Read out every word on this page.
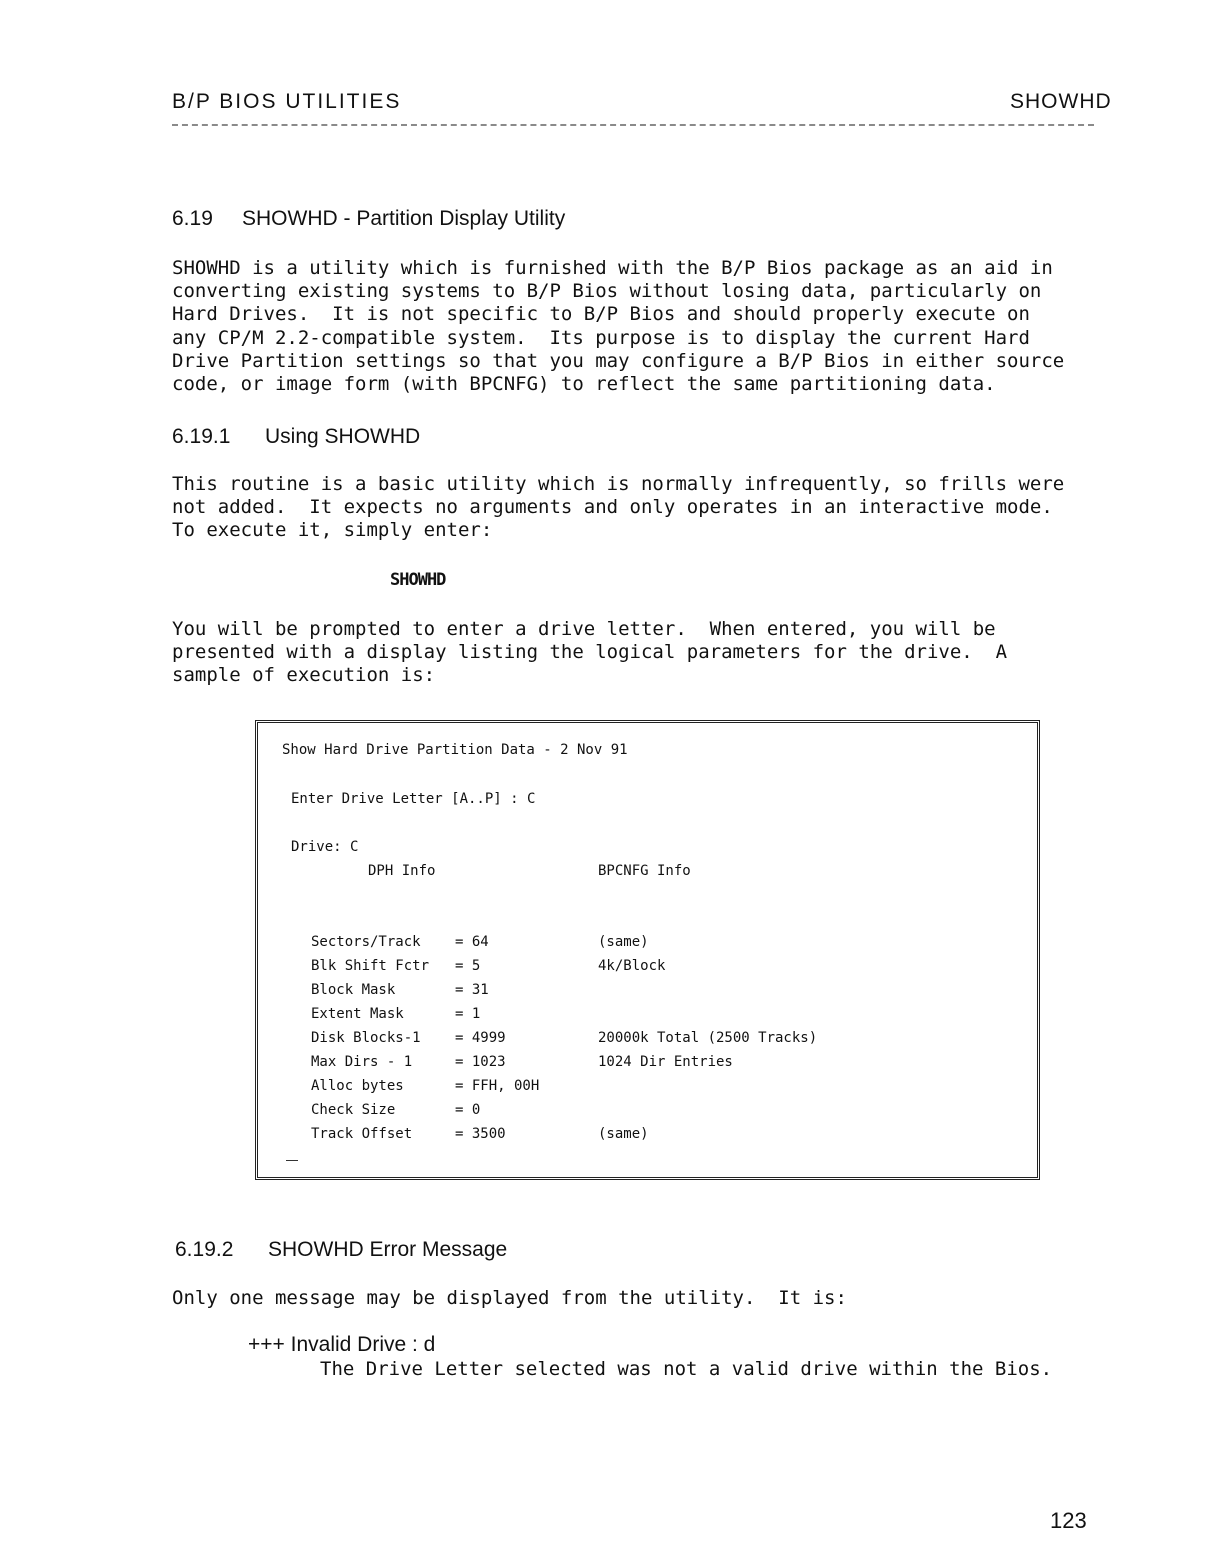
B/P BIOS UTILITIES	SHOWHD
6.19 SHOWHD - Partition Display Utility

SHOWHD is a utility which is furnished with the B/P Bios package as an aid in

converting existing systems to B/P Bios without losing data, particularly on

Hard Drives.  It is not specific to B/P Bios and should properly execute on

any CP/M 2.2-compatible system.  Its purpose is to display the current Hard

Drive Partition settings so that you may configure a B/P Bios in either source

code, or image form (with BPCNFG) to reflect the same partitioning data.

6.19.1 Using SHOWHD

This routine is a basic utility which is normally infrequently, so frills were

not added.  It expects no arguments and only operates in an interactive mode.

To execute it, simply enter:

SHOWHD

You will be prompted to enter a drive letter.  When entered, you will be

presented with a display listing the logical parameters for the drive.  A

sample of execution is:

Show Hard Drive Partition Data - 2 Nov 91
Enter Drive Letter [A..P] : C
Drive: C
DPH Info	BPCNFG Info
Sectors/Track = 64	(same)
Blk Shift Fctr = 5	4k/Block
Block Mask	= 31
Extent Mask	= 1
Disk Blocks-1 = 4999	20000k Total (2500 Tracks)
Max Dirs - 1	= 1023	1024 Dir Entries
Alloc bytes	= FFH, 00H
Check Size	= 0
Track Offset	= 3500	(same)
6.19.2 SHOWHD Error Message

Only one message may be displayed from the utility.  It is:

+++ Invalid Drive : d
The Drive Letter selected was not a valid drive within the Bios.
123
